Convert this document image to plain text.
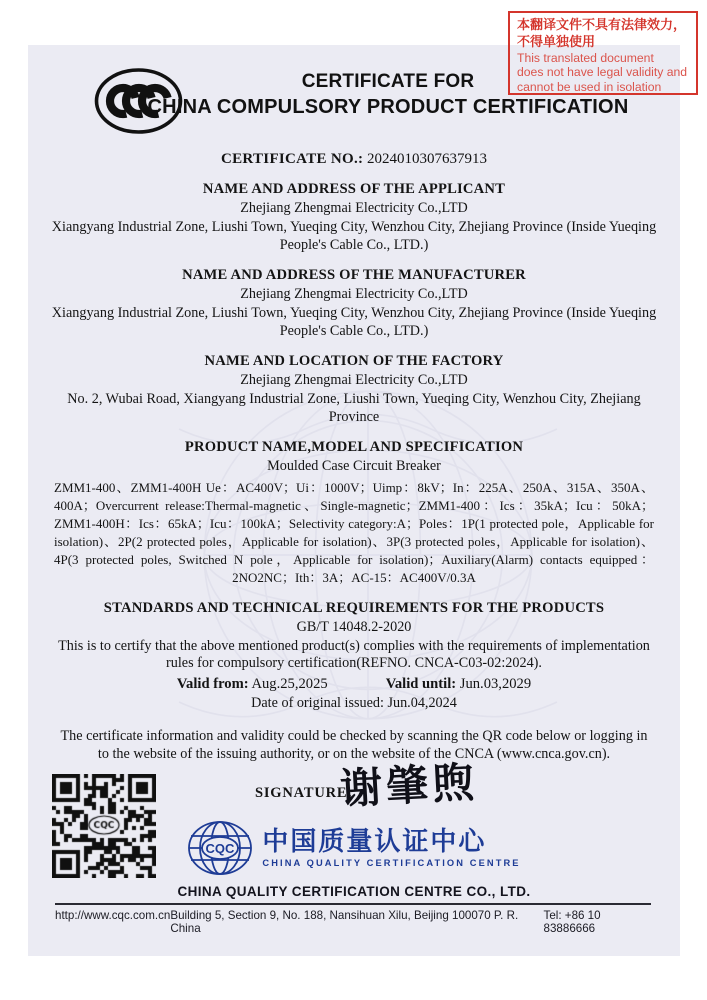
CERTIFICATE FOR
CHINA COMPULSORY PRODUCT CERTIFICATION
CERTIFICATE NO.: 2024010307637913
NAME AND ADDRESS OF THE APPLICANT
Zhejiang Zhengmai Electricity Co.,LTD
Xiangyang Industrial Zone, Liushi Town, Yueqing City, Wenzhou City, Zhejiang Province (Inside Yueqing People's Cable Co., LTD.)
NAME AND ADDRESS OF THE MANUFACTURER
Zhejiang Zhengmai Electricity Co.,LTD
Xiangyang Industrial Zone, Liushi Town, Yueqing City, Wenzhou City, Zhejiang Province (Inside Yueqing People's Cable Co., LTD.)
NAME AND LOCATION OF THE FACTORY
Zhejiang Zhengmai Electricity Co.,LTD
No. 2, Wubai Road, Xiangyang Industrial Zone, Liushi Town, Yueqing City, Wenzhou City, Zhejiang Province
PRODUCT NAME,MODEL AND SPECIFICATION
Moulded Case Circuit Breaker
ZMM1-400、ZMM1-400H Ue：AC400V；Ui：1000V；Uimp：8kV；In：225A、250A、315A、350A、400A；Overcurrent release:Thermal-magnetic、Single-magnetic；ZMM1-400：Ics：35kA；Icu：50kA；ZMM1-400H：Ics：65kA；Icu：100kA；Selectivity category:A；Poles：1P(1 protected pole，Applicable for isolation)、2P(2 protected poles，Applicable for isolation)、3P(3 protected poles，Applicable for isolation)、4P(3 protected poles, Switched N pole，Applicable for isolation)；Auxiliary(Alarm) contacts equipped：2NO2NC；Ith：3A；AC-15：AC400V/0.3A
STANDARDS AND TECHNICAL REQUIREMENTS FOR THE PRODUCTS
GB/T 14048.2-2020
This is to certify that the above mentioned product(s) complies with the requirements of implementation rules for compulsory certification(REFNO. CNCA-C03-02:2024).
Valid from: Aug.25,2025	Valid until: Jun.03,2029
Date of original issued: Jun.04,2024
The certificate information and validity could be checked by scanning the QR code below or logging in to the website of the issuing authority, or on the website of the CNCA (www.cnca.gov.cn).
SIGNATURE:
谢肇煦
CQC 中国质量认证中心
CHINA QUALITY CERTIFICATION CENTRE
CHINA QUALITY CERTIFICATION CENTRE CO., LTD.
http://www.cqc.com.cn Building 5, Section 9, No. 188, Nansihuan Xilu, Beijing 100070 P. R. China
Tel: +86 10 83886666
本翻译文件不具有法律效力，
不得单独使用
This translated document
does not have legal validity and
cannot be used in isolation
